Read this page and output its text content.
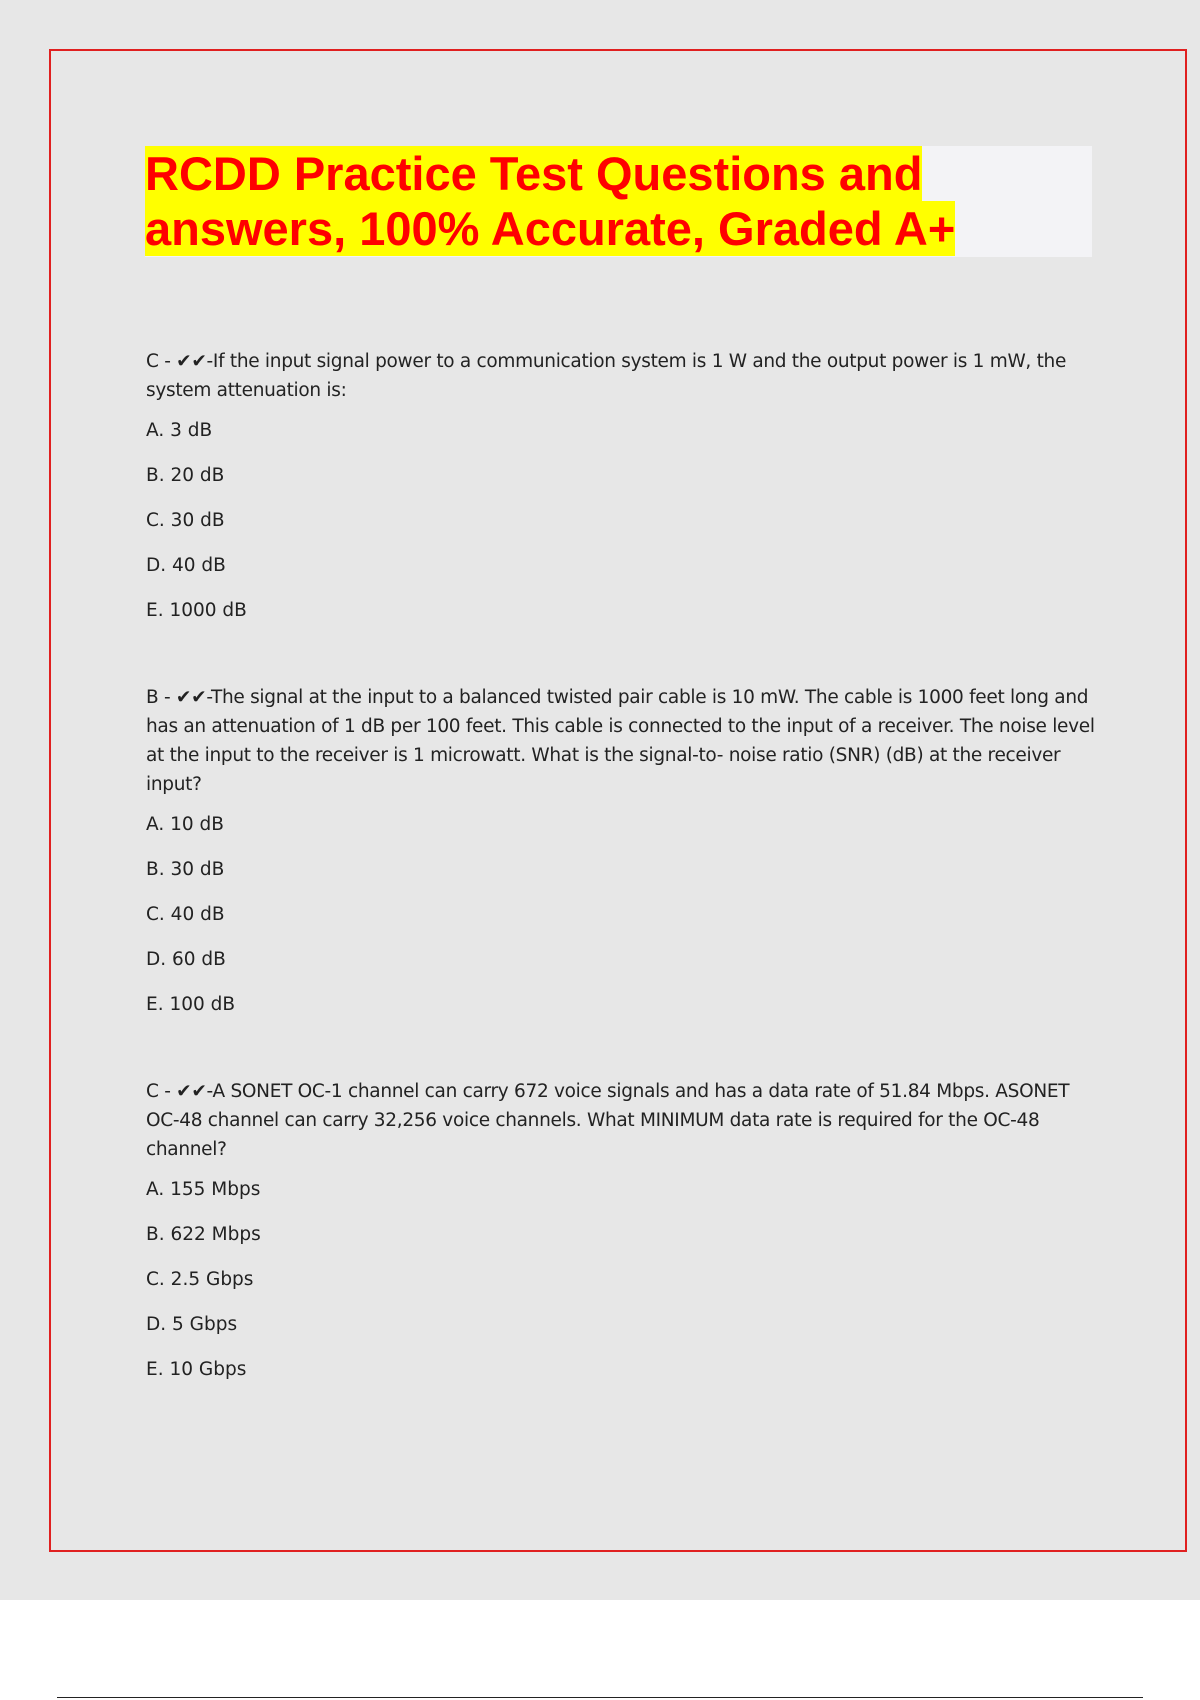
RCDD Practice Test Questions and
answers, 100% Accurate, Graded A+

C - ✔✔-If the input signal power to a communication system is 1 W and the output power is 1 mW, the system attenuation is:

A. 3 dB
B. 20 dB
C. 30 dB
D. 40 dB
E. 1000 dB

B - ✔✔-The signal at the input to a balanced twisted pair cable is 10 mW. The cable is 1000 feet long and has an attenuation of 1 dB per 100 feet. This cable is connected to the input of a receiver. The noise level at the input to the receiver is 1 microwatt. What is the signal-to- noise ratio (SNR) (dB) at the receiver input?

A. 10 dB
B. 30 dB
C. 40 dB
D. 60 dB
E. 100 dB

C - ✔✔-A SONET OC-1 channel can carry 672 voice signals and has a data rate of 51.84 Mbps. ASONET OC-48 channel can carry 32,256 voice channels. What MINIMUM data rate is required for the OC-48 channel?

A. 155 Mbps
B. 622 Mbps
C. 2.5 Gbps
D. 5 Gbps
E. 10 Gbps
